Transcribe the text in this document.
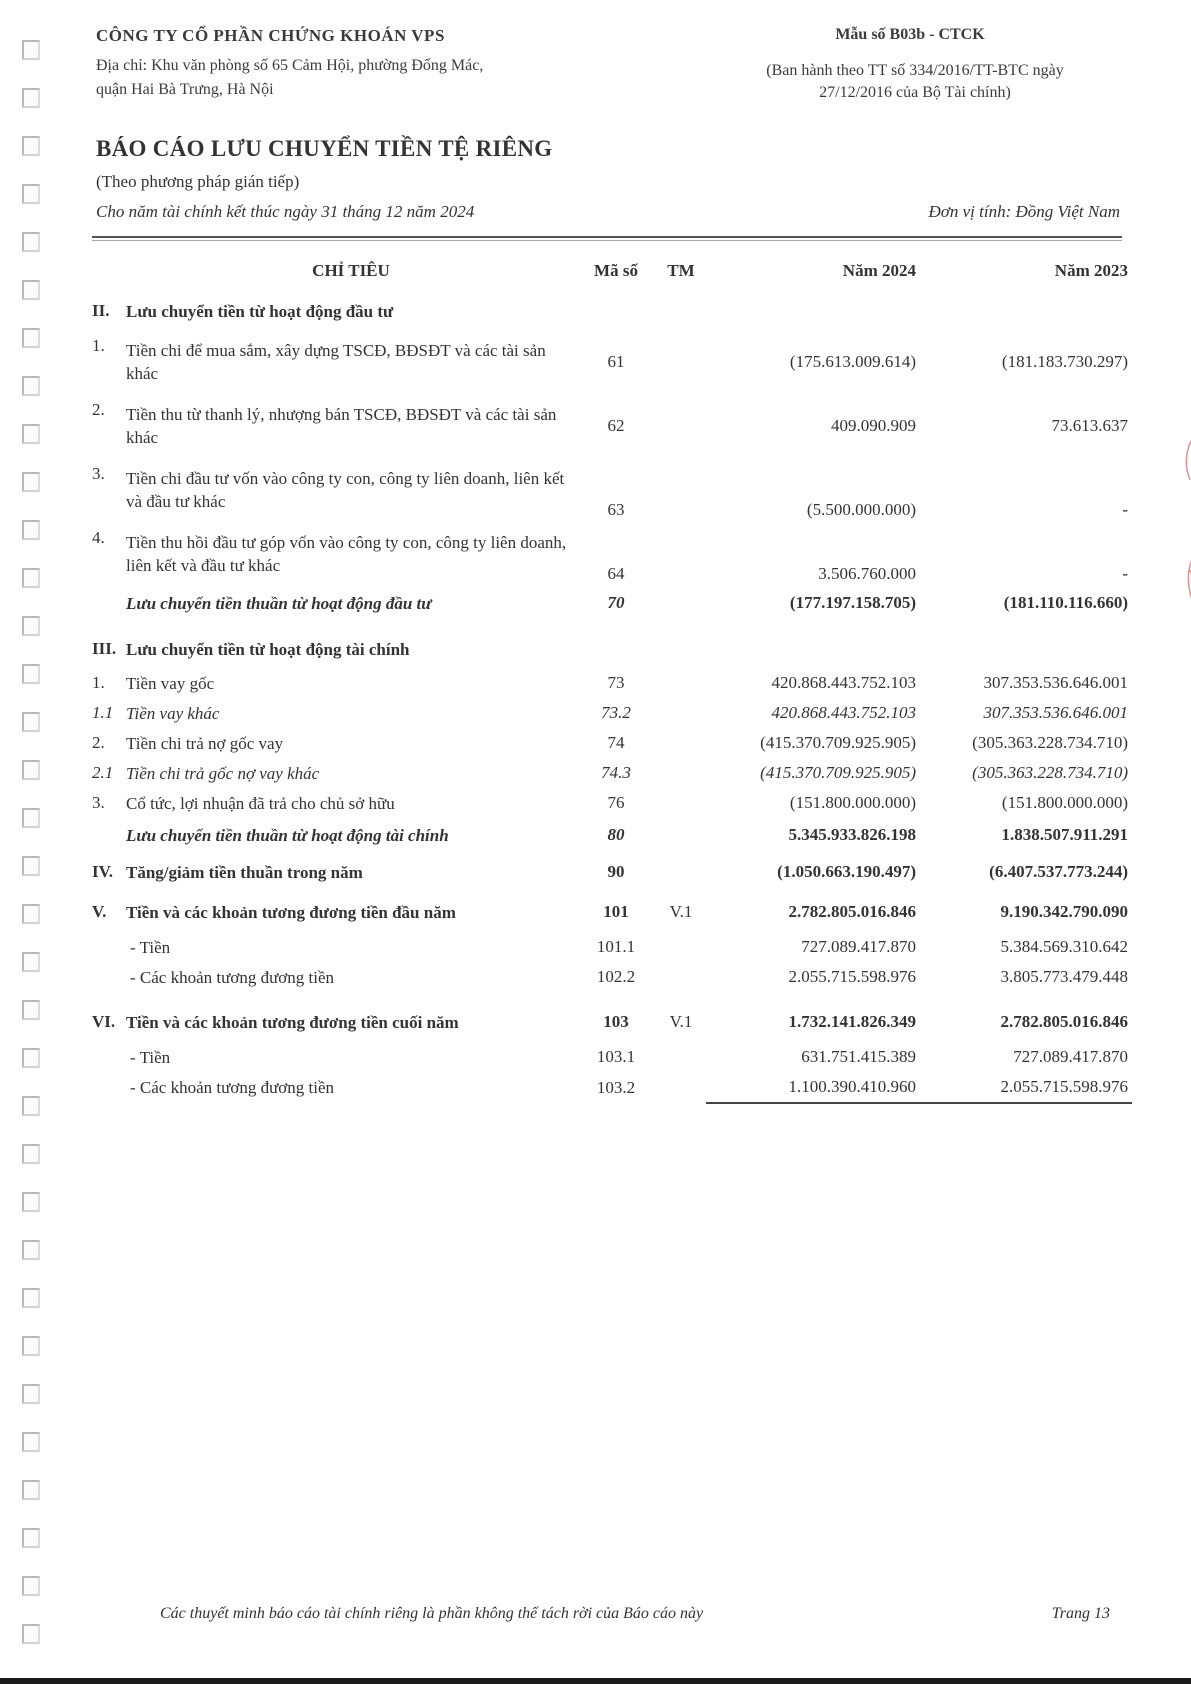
CÔNG TY CỔ PHẦN CHỨNG KHOÁN VPS
Địa chỉ: Khu văn phòng số 65 Cảm Hội, phường Đống Mác,
quận Hai Bà Trưng, Hà Nội
Mẫu số B03b - CTCK
(Ban hành theo TT số 334/2016/TT-BTC ngày
27/12/2016 của Bộ Tài chính)
BÁO CÁO LƯU CHUYỂN TIỀN TỆ RIÊNG
(Theo phương pháp gián tiếp)
Cho năm tài chính kết thúc ngày 31 tháng 12 năm 2024	Đơn vị tính: Đồng Việt Nam
	CHỈ TIÊU	Mã số	TM	Năm 2024	Năm 2023
II.	Lưu chuyển tiền từ hoạt động đầu tư				
1.	Tiền chi để mua sắm, xây dựng TSCĐ, BĐSĐT và các tài sản khác	61		(175.613.009.614)	(181.183.730.297)
2.	Tiền thu từ thanh lý, nhượng bán TSCĐ, BĐSĐT và các tài sản khác	62		409.090.909	73.613.637
3.	Tiền chi đầu tư vốn vào công ty con, công ty liên doanh, liên kết và đầu tư khác	63		(5.500.000.000)	-
4.	Tiền thu hồi đầu tư góp vốn vào công ty con, công ty liên doanh, liên kết và đầu tư khác	64		3.506.760.000	-
	Lưu chuyển tiền thuần từ hoạt động đầu tư	70		(177.197.158.705)	(181.110.116.660)

III.	Lưu chuyển tiền từ hoạt động tài chính				
1.	Tiền vay gốc	73		420.868.443.752.103	307.353.536.646.001
1.1	Tiền vay khác	73.2		420.868.443.752.103	307.353.536.646.001
2.	Tiền chi trả nợ gốc vay	74		(415.370.709.925.905)	(305.363.228.734.710)
2.1	Tiền chi trả gốc nợ vay khác	74.3		(415.370.709.925.905)	(305.363.228.734.710)
3.	Cổ tức, lợi nhuận đã trả cho chủ sở hữu	76		(151.800.000.000)	(151.800.000.000)
	Lưu chuyển tiền thuần từ hoạt động tài chính	80		5.345.933.826.198	1.838.507.911.291
IV.	Tăng/giảm tiền thuần trong năm	90		(1.050.663.190.497)	(6.407.537.773.244)
V.	Tiền và các khoản tương đương tiền đầu năm	101	V.1	2.782.805.016.846	9.190.342.790.090
	- Tiền	101.1		727.089.417.870	5.384.569.310.642
	- Các khoản tương đương tiền	102.2		2.055.715.598.976	3.805.773.479.448

VI.	Tiền và các khoản tương đương tiền cuối năm	103	V.1	1.732.141.826.349	2.782.805.016.846
	- Tiền	103.1		631.751.415.389	727.089.417.870
	- Các khoản tương đương tiền	103.2		1.100.390.410.960	2.055.715.598.976
Các thuyết minh báo cáo tài chính riêng là phần không thể tách rời của Báo cáo này	Trang 13
